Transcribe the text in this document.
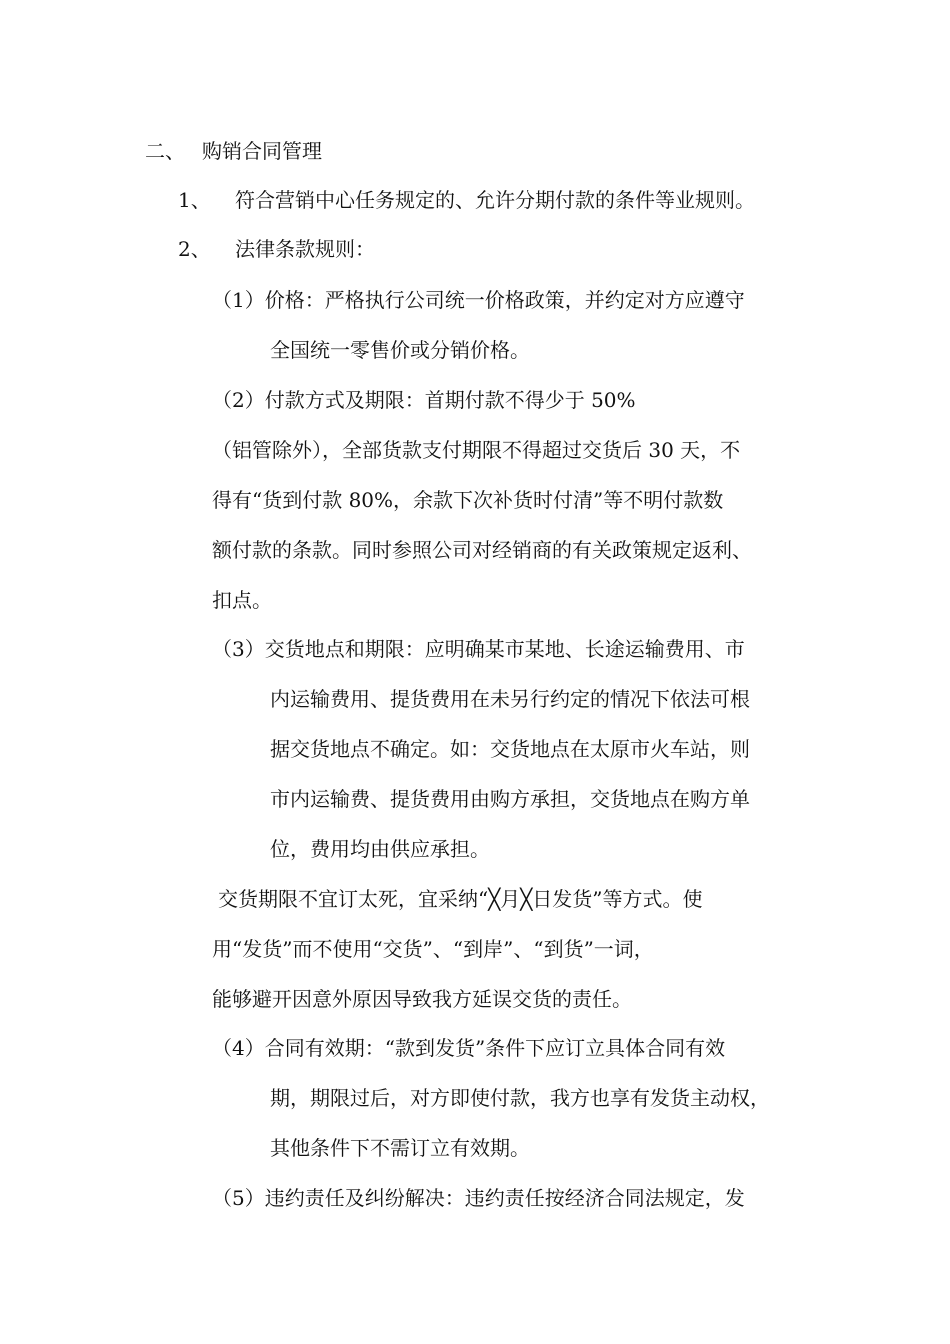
二、 购销合同管理
1、 符合营销中心任务规定的、允许分期付款的条件等业规则。
2、 法律条款规则：
（1）价格：严格执行公司统一价格政策，并约定对方应遵守
全国统一零售价或分销价格。
（2）付款方式及期限：首期付款不得少于 50%
（铝管除外），全部货款支付期限不得超过交货后 30 天，不
得有“货到付款 80%，余款下次补货时付清”等不明付款数
额付款的条款。同时参照公司对经销商的有关政策规定返利、
扣点。
（3）交货地点和期限：应明确某市某地、长途运输费用、市
内运输费用、提货费用在未另行约定的情况下依法可根
据交货地点不确定。如：交货地点在太原市火车站，则
市内运输费、提货费用由购方承担，交货地点在购方单
位，费用均由供应承担。
交货期限不宜订太死，宜采纳“╳月╳日发货”等方式。使
用“发货”而不使用“交货”、“到岸”、“到货”一词，
能够避开因意外原因导致我方延误交货的责任。
（4）合同有效期：“款到发货”条件下应订立具体合同有效
期，期限过后，对方即使付款，我方也享有发货主动权，
其他条件下不需订立有效期。
（5）违约责任及纠纷解决：违约责任按经济合同法规定，发
